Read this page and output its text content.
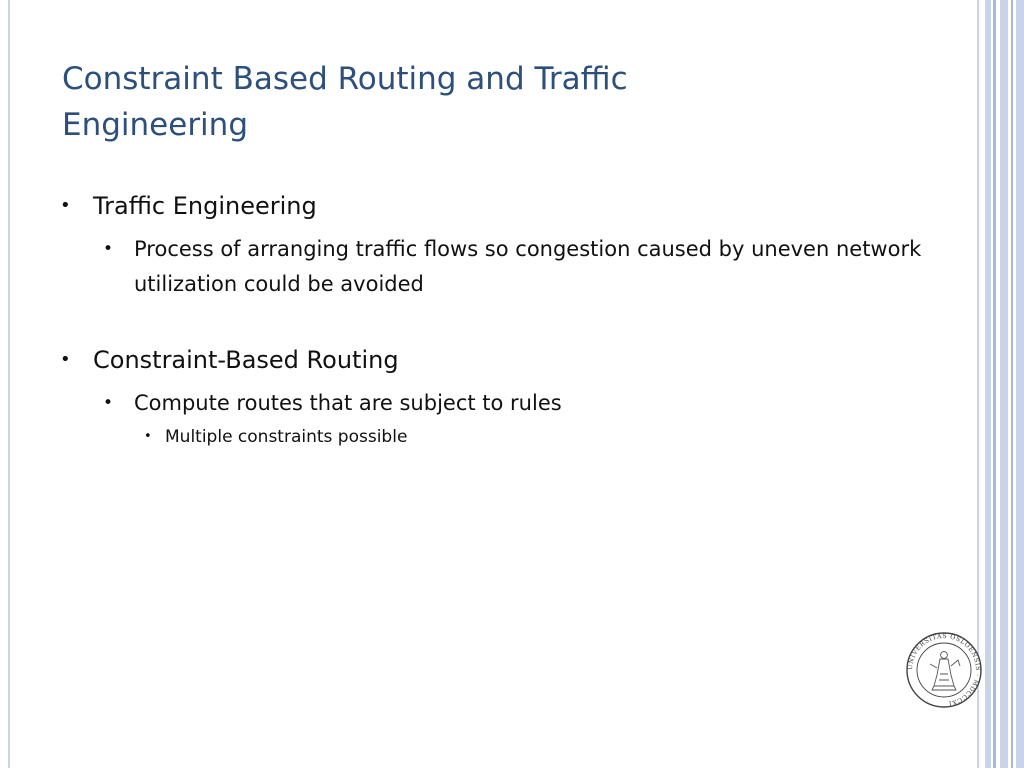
Constraint Based Routing and Traffic
Engineering
• Traffic Engineering
• Process of arranging traffic flows so congestion caused by uneven network utilization could be avoided
• Constraint-Based Routing
• Compute routes that are subject to rules
• Multiple constraints possible
UNIVERSITAS OSLOENSIS · MDCCCXI
